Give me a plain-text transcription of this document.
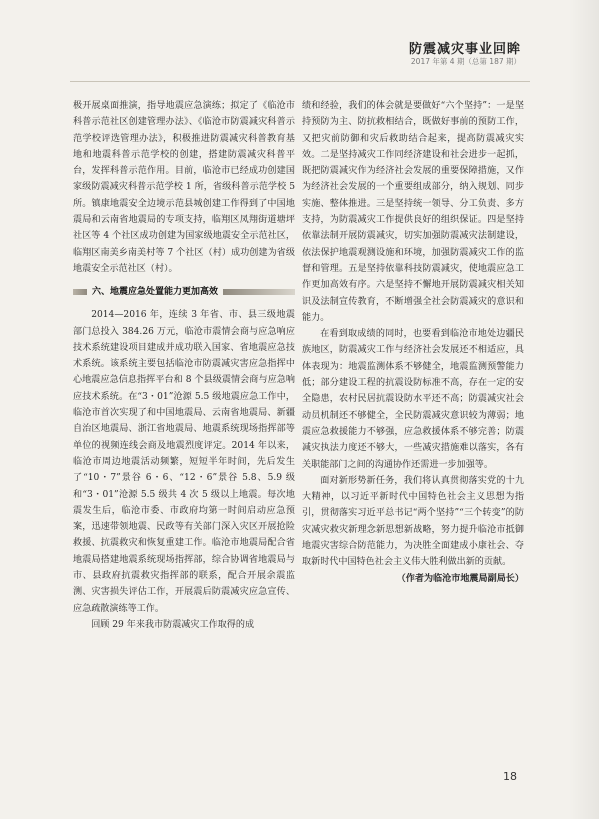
防震减灾事业回眸
2017 年第 4 期（总第 187 期）

极开展桌面推演，指导地震应急演练；拟定了《临沧市科普示范社区创建管理办法》、《临沧市防震减灾科普示范学校评选管理办法》，积极推进防震减灾科普教育基地和地震科普示范学校的创建，搭建防震减灾科普平台，发挥科普示范作用。目前，临沧市已经成功创建国家级防震减灾科普示范学校 1 所，省级科普示范学校 5 所。镇康地震安全边境示范县城创建工作得到了中国地震局和云南省地震局的专项支持，临翔区凤翔街道塘坪社区等 4 个社区成功创建为国家级地震安全示范社区，临翔区南美乡南美村等 7 个社区（村）成功创建为省级地震安全示范社区（村）。

六、地震应急处置能力更加高效

2014—2016 年，连续 3 年省、市、县三级地震部门总投入 384.26 万元，临沧市震情会商与应急响应技术系统建设项目建成并成功联入国家、省地震应急技术系统。该系统主要包括临沧市防震减灾害应急指挥中心地震应急信息指挥平台和 8 个县级震情会商与应急响应技术系统。在“3・01”沧源 5.5 级地震应急工作中，临沧市首次实现了和中国地震局、云南省地震局、新疆自治区地震局、浙江省地震局、地震系统现场指挥部等单位的视频连线会商及地震烈度评定。2014 年以来，临沧市周边地震活动频繁，短短半年时间，先后发生了“10・7”景谷 6・6、“12・6”景谷 5.8、5.9 级和“3・01”沧源 5.5 级共 4 次 5 级以上地震。每次地震发生后，临沧市委、市政府均第一时间启动应急预案，迅速带领地震、民政等有关部门深入灾区开展抢险救援、抗震救灾和恢复重建工作。临沧市地震局配合省地震局搭建地震系统现场指挥部，综合协调省地震局与市、县政府抗震救灾指挥部的联系，配合开展余震监测、灾害损失评估工作，开展震后防震减灾应急宣传、应急疏散演练等工作。

回顾 29 年来我市防震减灾工作取得的成

绩和经验，我们的体会就是要做好“六个坚持”：一是坚持预防为主、防抗救相结合，既做好事前的预防工作，又把灾前防御和灾后救助结合起来，提高防震减灾实效。二是坚持减灾工作同经济建设和社会进步一起抓，既把防震减灾作为经济社会发展的重要保障措施，又作为经济社会发展的一个重要组成部分，纳入规划、同步实施、整体推进。三是坚持统一领导、分工负责、多方支持，为防震减灾工作提供良好的组织保证。四是坚持依靠法制开展防震减灾，切实加强防震减灾法制建设，依法保护地震观测设施和环境，加强防震减灾工作的监督和管理。五是坚持依靠科技防震减灾，使地震应急工作更加高效有序。六是坚持不懈地开展防震减灾相关知识及法制宣传教育，不断增强全社会防震减灾的意识和能力。

在看到取成绩的同时，也要看到临沧市地处边疆民族地区，防震减灾工作与经济社会发展还不相适应，具体表现为：地震监测体系不够健全，地震监测预警能力低；部分建设工程的抗震设防标准不高，存在一定的安全隐患，农村民居抗震设防水平还不高；防震减灾社会动员机制还不够健全，全民防震减灾意识较为薄弱；地震应急救援能力不够强，应急救援体系不够完善；防震减灾执法力度还不够大，一些减灾措施难以落实，各有关职能部门之间的沟通协作还需进一步加强等。

面对新形势新任务，我们将认真贯彻落实党的十九大精神，以习近平新时代中国特色社会主义思想为指引，贯彻落实习近平总书记“两个坚持”“三个转变”的防灾减灾救灾新理念新思想新战略，努力提升临沧市抵御地震灾害综合防范能力，为决胜全面建成小康社会、夺取新时代中国特色社会主义伟大胜利做出新的贡献。

（作者为临沧市地震局副局长）

18
